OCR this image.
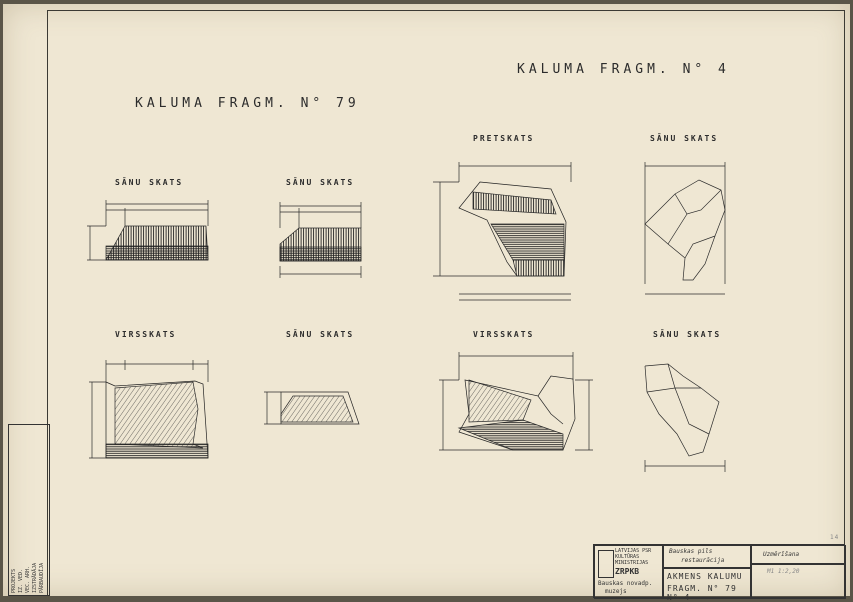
KALUMA FRAGM. N° 79
KALUMA FRAGM. N° 4
SĀNU SKATS	SĀNU SKATS
PRETSKATS	SĀNU SKATS
VIRSSKATS	SĀNU SKATS	VIRSSKATS	SĀNU SKATS
PROJEKTS IZ. VED. VEC. ARH. IZSTRĀDĀJA PĀRBAUDĪJA
LATVIJAS PSR
KULTŪRAS
MINISTRIJAS
ZRPKB
Bauskas novadp.
muzejs
Bauskas pils
restaurācija
AKMENS KALUMU
FRAGM. N° 79 N° 4
Uzmērīšana
M1 1:2,20
14
